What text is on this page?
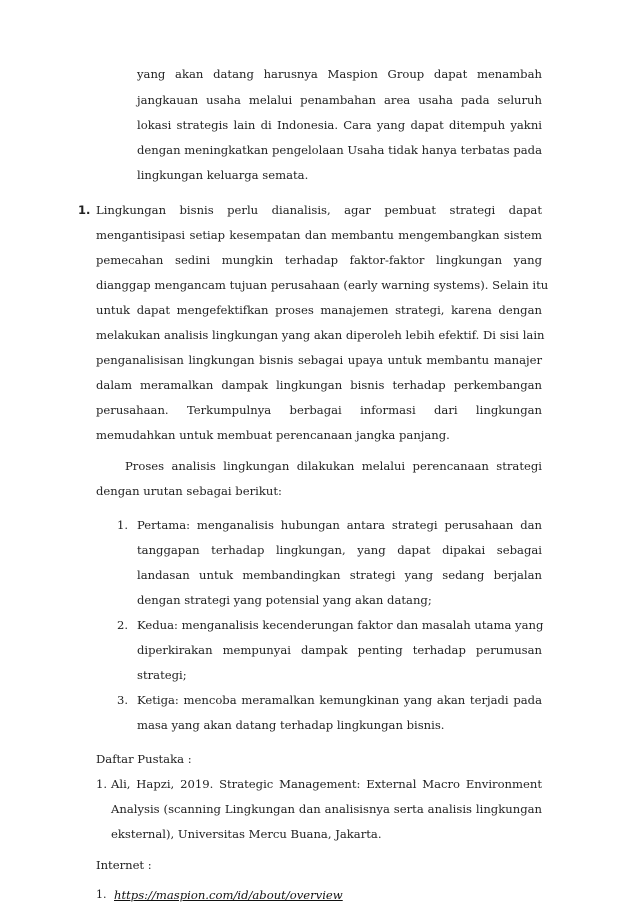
yang akan datang harusnya Maspion Group dapat menambah
jangkauan usaha melalui penambahan area usaha pada seluruh
lokasi strategis lain di Indonesia. Cara yang dapat ditempuh yakni
dengan meningkatkan pengelolaan Usaha tidak hanya terbatas pada
lingkungan keluarga semata.
1. Lingkungan bisnis perlu dianalisis, agar pembuat strategi dapat
mengantisipasi setiap kesempatan dan membantu mengembangkan sistem
pemecahan sedini mungkin terhadap faktor-faktor lingkungan yang
dianggap mengancam tujuan perusahaan (early warning systems). Selain itu
untuk dapat mengefektifkan proses manajemen strategi, karena dengan
melakukan analisis lingkungan yang akan diperoleh lebih efektif. Di sisi lain
penganalisisan lingkungan bisnis sebagai upaya untuk membantu manajer
dalam meramalkan dampak lingkungan bisnis terhadap perkembangan
perusahaan. Terkumpulnya berbagai informasi dari lingkungan
memudahkan untuk membuat perencanaan jangka panjang.
Proses analisis lingkungan dilakukan melalui perencanaan strategi
dengan urutan sebagai berikut:
1. Pertama: menganalisis hubungan antara strategi perusahaan dan
tanggapan terhadap lingkungan, yang dapat dipakai sebagai
landasan untuk membandingkan strategi yang sedang berjalan
dengan strategi yang potensial yang akan datang;
2. Kedua: menganalisis kecenderungan faktor dan masalah utama yang
diperkirakan mempunyai dampak penting terhadap perumusan
strategi;
3. Ketiga: mencoba meramalkan kemungkinan yang akan terjadi pada
masa yang akan datang terhadap lingkungan bisnis.
Daftar Pustaka :
1. Ali, Hapzi, 2019. Strategic Management: External Macro Environment
Analysis (scanning Lingkungan dan analisisnya serta analisis lingkungan
eksternal), Universitas Mercu Buana, Jakarta.
Internet :
1. https://maspion.com/id/about/overview
